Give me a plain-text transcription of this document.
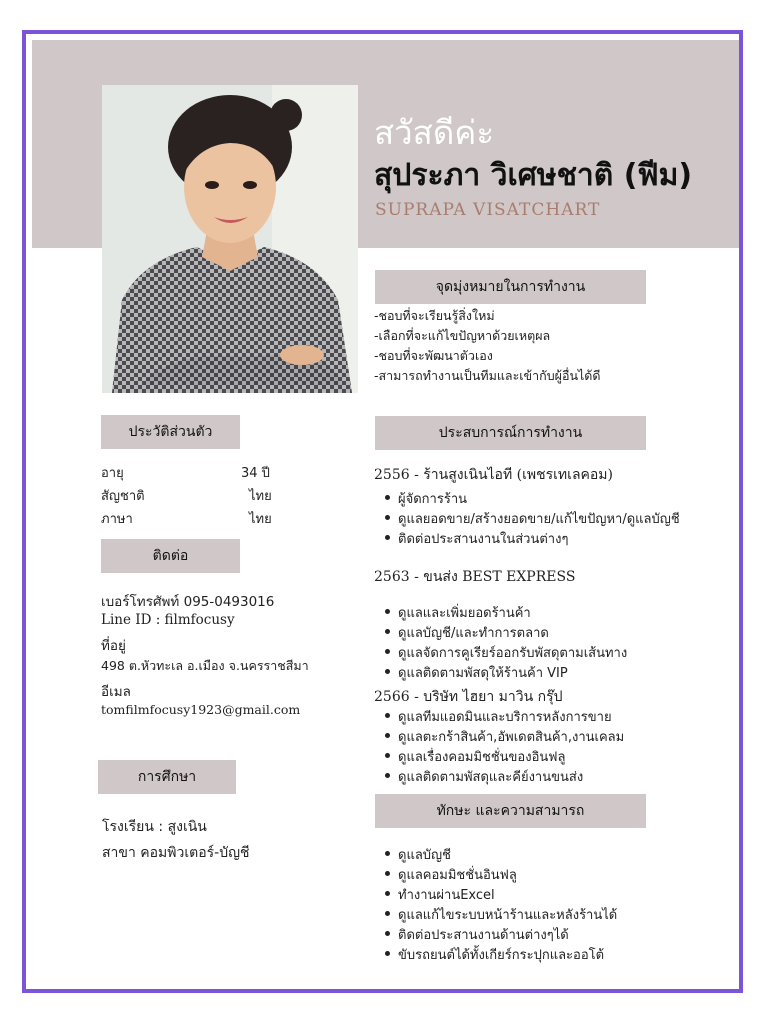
สวัสดีค่ะ
สุประภา วิเศษชาติ (ฟีม)
SUPRAPA VISATCHART
จุดมุ่งหมายในการทำงาน
-ชอบที่จะเรียนรู้สิ่งใหม่
-เลือกที่จะแก้ไขปัญหาด้วยเหตุผล
-ชอบที่จะพัฒนาตัวเอง
-สามารถทำงานเป็นทีมและเข้ากับผู้อื่นได้ดี
ประวัติส่วนตัว
อายุ	34 ปี
สัญชาติ	ไทย
ภาษา	ไทย
ติดต่อ
เบอร์โทรศัพท์ 095-0493016
Line ID : filmfocusy
ที่อยู่
498 ต.หัวทะเล อ.เมือง จ.นครราชสีมา
อีเมล
tomfilmfocusy1923@gmail.com
การศึกษา
โรงเรียน : สูงเนิน
สาขา คอมพิวเตอร์-บัญชี
ประสบการณ์การทำงาน
2556 - ร้านสูงเนินไอที (เพชรเทเลคอม)
ผู้จัดการร้าน
ดูแลยอดขาย/สร้างยอดขาย/แก้ไขปัญหา/ดูแลบัญชี
ติดต่อประสานงานในส่วนต่างๆ
2563 - ขนส่ง BEST EXPRESS
ดูแลและเพิ่มยอดร้านค้า
ดูแลบัญชี/และทำการตลาด
ดูแลจัดการคูเรียร์ออกรับพัสดุตามเส้นทาง
ดูแลติดตามพัสดุให้ร้านค้า VIP
2566 - บริษัท ไฮยา มาวิน กรุ๊ป
ดูแลทีมแอดมินและบริการหลังการขาย
ดูแลตะกร้าสินค้า,อัพเดตสินค้า,งานเคลม
ดูแลเรื่องคอมมิชชั่นของอินฟลู
ดูแลติดตามพัสดุและคีย์งานขนส่ง
ทักษะ และความสามารถ
ดูแลบัญชี
ดูแลคอมมิชชั่นอินฟลู
ทำงานผ่านExcel
ดูแลแก้ไขระบบหน้าร้านและหลังร้านได้
ติดต่อประสานงานด้านต่างๆได้
ขับรถยนต์ได้ทั้งเกียร์กระปุกและออโต้
